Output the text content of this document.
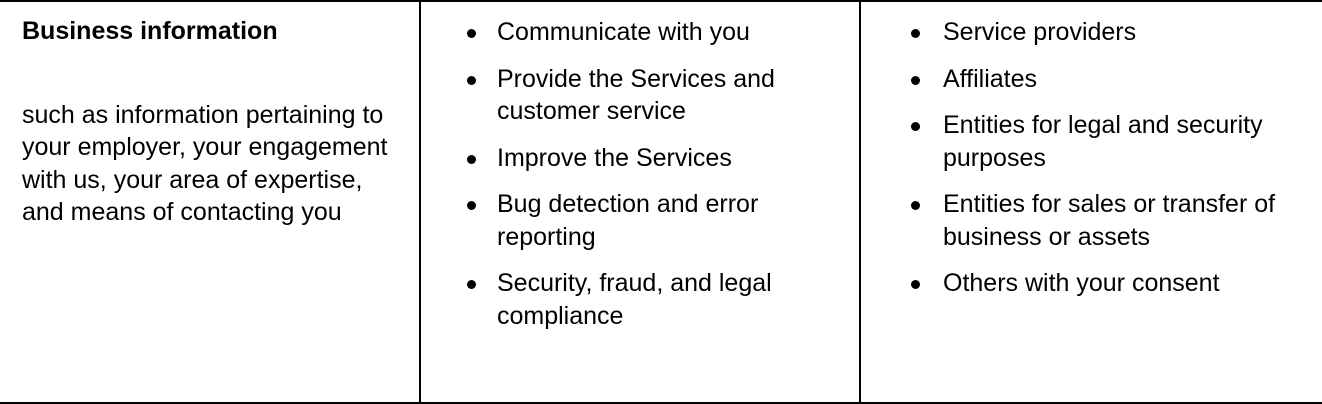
Business information

such as information pertaining to your employer, your engagement with us, your area of expertise, and means of contacting you

Communicate with you
Provide the Services and customer service
Improve the Services
Bug detection and error reporting
Security, fraud, and legal compliance
Service providers
Affiliates
Entities for legal and security purposes
Entities for sales or transfer of business or assets
Others with your consent
